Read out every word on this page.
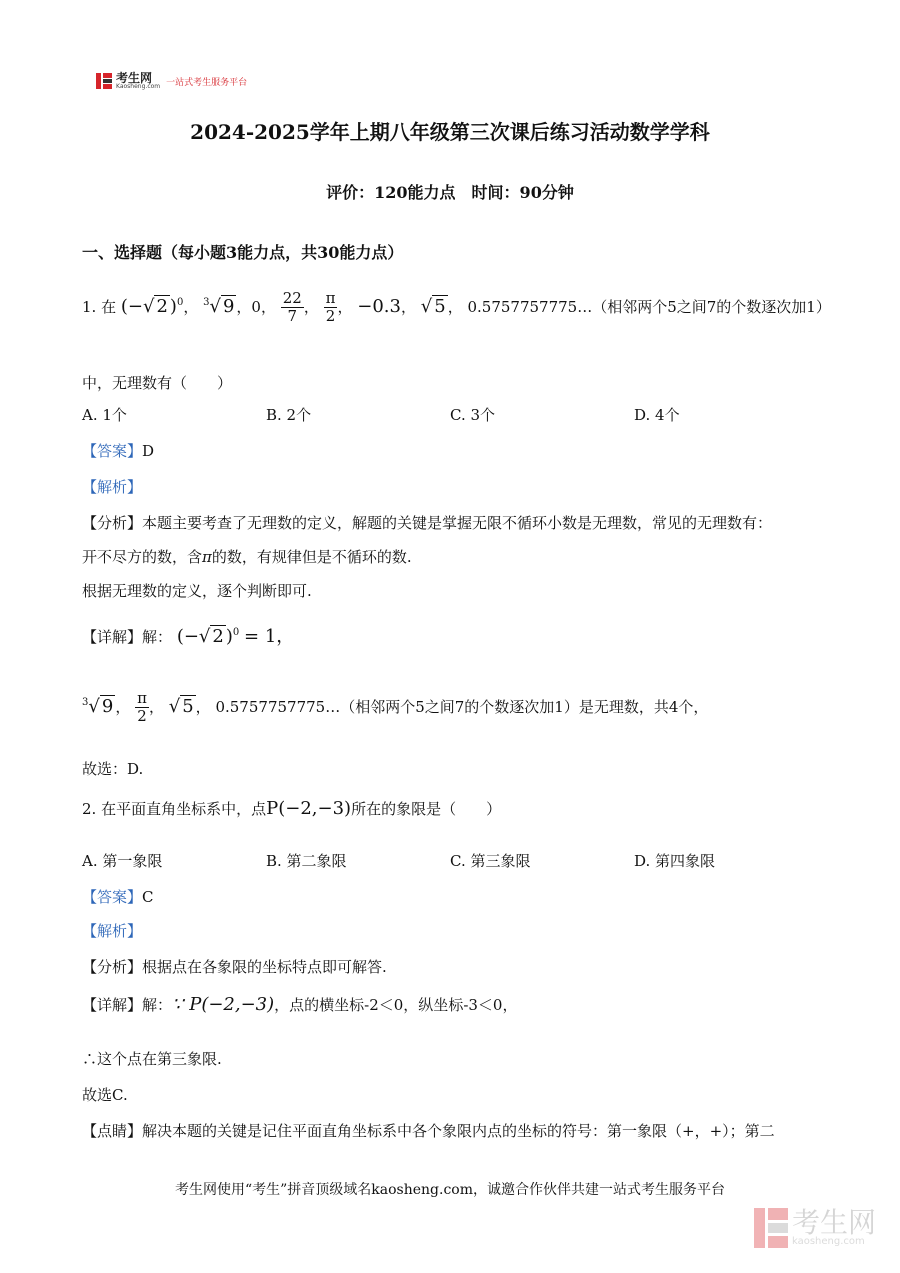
考生网
Kaosheng.com 一站式考生服务平台
2024-2025学年上期八年级第三次课后练习活动数学学科
评价：120能力点　时间：90分钟
一、选择题（每小题3能力点，共30能力点）
1. 在 (−√ 2 )$^0$， $^3$√ 9 ，0， $\frac{22}{7}$ ， $\frac{\pi}{2}$ ， −0.3， √ 5 ， 0.5757757775…（相邻两个5之间7的个数逐次加1）
中，无理数有（　　）
A. 1个	B. 2个	C. 3个	D. 4个
【答案】D
【解析】
【分析】本题主要考查了无理数的定义，解题的关键是掌握无限不循环小数是无理数，常见的无理数有：
开不尽方的数，含π的数，有规律但是不循环的数.
根据无理数的定义，逐个判断即可.
【详解】解： (−√ 2 )$^0$ = 1，
$^3$√ 9 ， $\frac{\pi}{2}$ ， √ 5 ， 0.5757757775…（相邻两个5之间7的个数逐次加1）是无理数，共4个，
故选：D.
2. 在平面直角坐标系中，点P(−2,−3)所在的象限是（　　）
A. 第一象限	B. 第二象限	C. 第三象限	D. 第四象限
【答案】C
【解析】
【分析】根据点在各象限的坐标特点即可解答.
【详解】解：∵ P(−2,−3)，点的横坐标-2＜0，纵坐标-3＜0，
∴这个点在第三象限.
故选C.
【点睛】解决本题的关键是记住平面直角坐标系中各个象限内点的坐标的符号：第一象限（+，+）；第二
考生网使用“考生”拼音顶级域名kaosheng.com，诚邀合作伙伴共建一站式考生服务平台
考生网
kaosheng.com
